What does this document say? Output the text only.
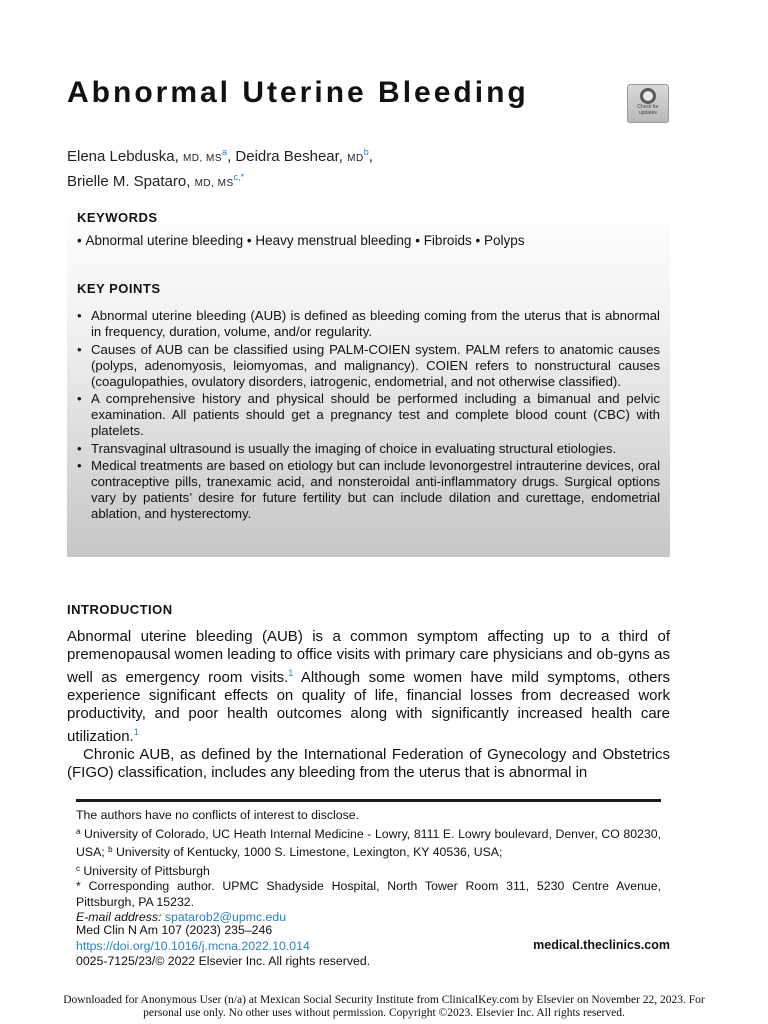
Abnormal Uterine Bleeding	Check for updates
Elena Lebduska, MD, $MS^a$, Deidra Beshear, $MD^b$,
Brielle M. Spataro, MD, $MS^{c,*}$
KEYWORDS
• Abnormal uterine bleeding • Heavy menstrual bleeding • Fibroids • Polyps
KEY POINTS
• Abnormal uterine bleeding (AUB) is defined as bleeding coming from the uterus that is abnormal in frequency, duration, volume, and/or regularity.
• Causes of AUB can be classified using PALM-COIEN system. PALM refers to anatomic causes (polyps, adenomyosis, leiomyomas, and malignancy). COIEN refers to nonstructural causes (coagulopathies, ovulatory disorders, iatrogenic, endometrial, and not otherwise classified).
• A comprehensive history and physical should be performed including a bimanual and pelvic examination. All patients should get a pregnancy test and complete blood count (CBC) with platelets.
• Transvaginal ultrasound is usually the imaging of choice in evaluating structural etiologies.
• Medical treatments are based on etiology but can include levonorgestrel intrauterine devices, oral contraceptive pills, tranexamic acid, and nonsteroidal anti-inflammatory drugs. Surgical options vary by patients’ desire for future fertility but can include dilation and curettage, endometrial ablation, and hysterectomy.
INTRODUCTION

Abnormal uterine bleeding (AUB) is a common symptom affecting up to a third of premenopausal women leading to office visits with primary care physicians and ob-gyns as well as emergency room visits.$^1$ Although some women have mild symptoms, others experience significant effects on quality of life, financial losses from decreased work productivity, and poor health outcomes along with significantly increased health care utilization.$^1$

Chronic AUB, as defined by the International Federation of Gynecology and Obstetrics (FIGO) classification, includes any bleeding from the uterus that is abnormal in

The authors have no conflicts of interest to disclose.
$^a$ University of Colorado, UC Heath Internal Medicine - Lowry, 8111 E. Lowry boulevard, Denver, CO 80230, USA; $^b$ University of Kentucky, 1000 S. Limestone, Lexington, KY 40536, USA;
$^c$ University of Pittsburgh
* Corresponding author. UPMC Shadyside Hospital, North Tower Room 311, 5230 Centre Avenue, Pittsburgh, PA 15232.
E-mail address: spatarob2@upmc.edu
Med Clin N Am 107 (2023) 235–246
https://doi.org/10.1016/j.mcna.2022.10.014
0025-7125/23/© 2022 Elsevier Inc. All rights reserved.
medical.theclinics.com
Downloaded for Anonymous User (n/a) at Mexican Social Security Institute from ClinicalKey.com by Elsevier on November 22, 2023. For personal use only. No other uses without permission. Copyright ©2023. Elsevier Inc. All rights reserved.
